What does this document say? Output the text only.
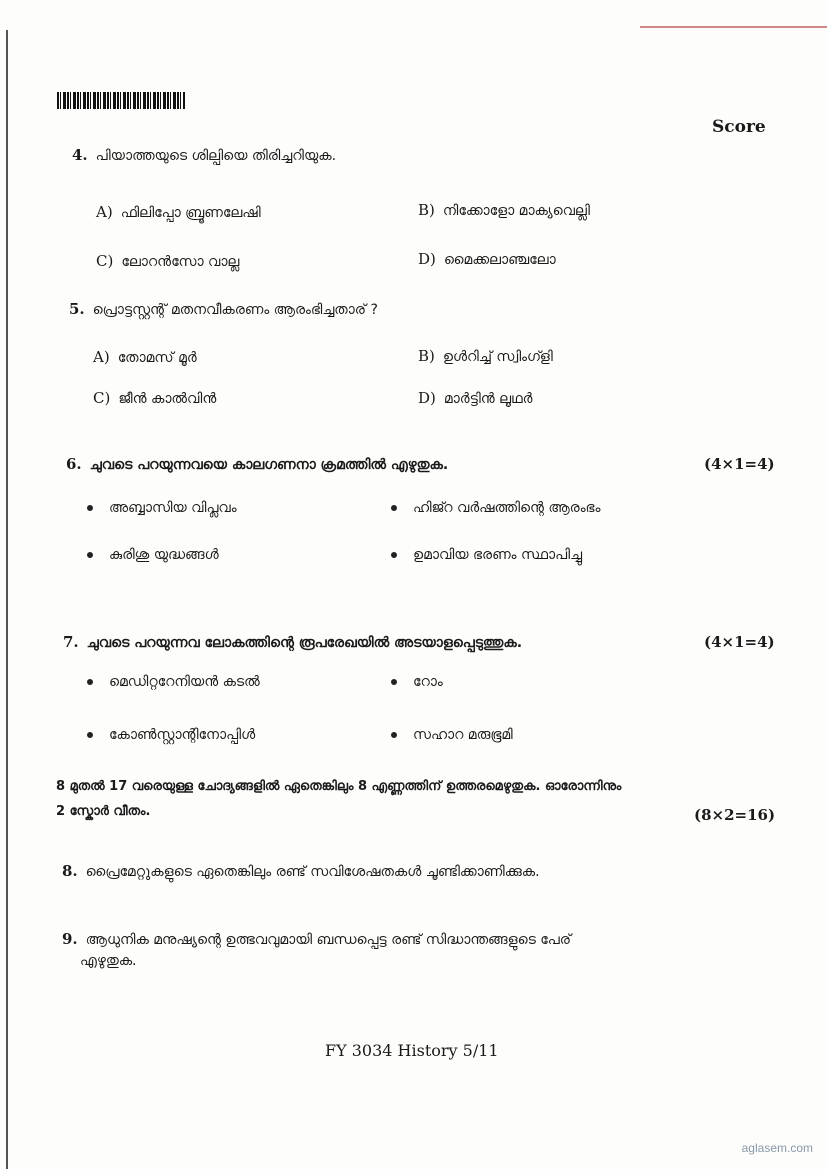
Score
4. പിയാത്തയുടെ ശില്പിയെ തിരിച്ചറിയുക.
A) ഫിലിപ്പോ ബ്രൂണലേഷി	B) നിക്കോളോ മാക്യവെല്ലി
C) ലോറൻസോ വാല്ല	D) മൈക്കലാഞ്ചലോ
5. പ്രൊട്ടസ്റ്റന്റ് മതനവീകരണം ആരംഭിച്ചതാര് ?
A) തോമസ് മൂർ	B) ഉൾറിച്ച് സ്വിംഗ്ളി
C) ജീൻ കാൽവിൻ	D) മാർട്ടിൻ ലൂഥർ
6. ചുവടെ പറയുന്നവയെ കാലഗണനാ ക്രമത്തിൽ എഴുതുക.	(4×1=4)
അബ്ബാസിയ വിപ്ലവം	ഹിജ്റ വർഷത്തിന്റെ ആരംഭം
കുരിശു യുദ്ധങ്ങൾ	ഉമാവിയ ഭരണം സ്ഥാപിച്ചു
7. ചുവടെ പറയുന്നവ ലോകത്തിന്റെ രൂപരേഖയിൽ അടയാളപ്പെടുത്തുക.	(4×1=4)
മെഡിറ്ററേനിയൻ കടൽ	റോം
കോൺസ്റ്റാന്റിനോപ്പിൾ	സഹാറ മരുഭൂമി
8 മുതൽ 17 വരെയുള്ള ചോദ്യങ്ങളിൽ ഏതെങ്കിലും 8 എണ്ണത്തിന് ഉത്തരമെഴുതുക. ഓരോന്നിനും
2 സ്കോർ വീതം.	(8×2=16)
8. പ്രൈമേറ്റുകളുടെ ഏതെങ്കിലും രണ്ട് സവിശേഷതകൾ ചൂണ്ടിക്കാണിക്കുക.
9. ആധുനിക മനുഷ്യന്റെ ഉത്ഭവവുമായി ബന്ധപ്പെട്ട രണ്ട് സിദ്ധാന്തങ്ങളുടെ പേര്
എഴുതുക.
FY 3034 History 5/11
aglasem.com
